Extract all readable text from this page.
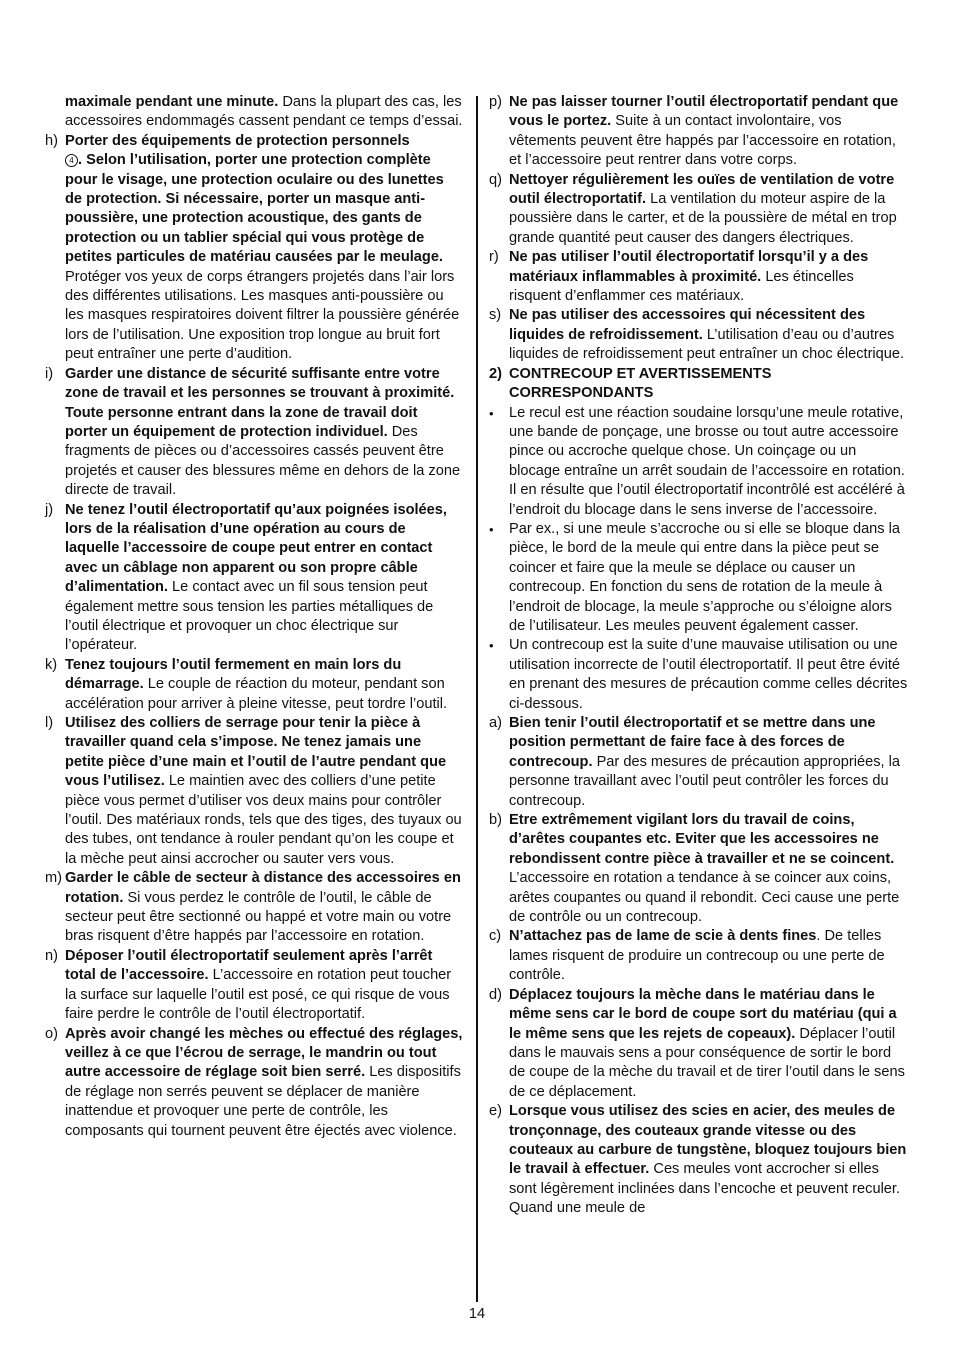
maximale pendant une minute. Dans la plupart des cas, les accessoires endommagés cassent pendant ce temps d’essai.
h) Porter des équipements de protection personnels
4 . Selon l’utilisation, porter une protection complète pour le visage, une protection oculaire ou des lunettes de protection. Si nécessaire, porter un masque anti-poussière, une protection acoustique, des gants de protection ou un tablier spécial qui vous protège de petites particules de matériau causées par le meulage. Protéger vos yeux de corps étrangers projetés dans l’air lors des différentes utilisations. Les masques anti-poussière ou les masques respiratoires doivent filtrer la poussière générée lors de l’utilisation. Une exposition trop longue au bruit fort peut entraîner une perte d’audition.
i) Garder une distance de sécurité suffisante entre votre zone de travail et les personnes se trouvant à proximité. Toute personne entrant dans la zone de travail doit porter un équipement de protection individuel. Des fragments de pièces ou d’accessoires cassés peuvent être projetés et causer des blessures même en dehors de la zone directe de travail.
j) Ne tenez l’outil électroportatif qu’aux poignées isolées, lors de la réalisation d’une opération au cours de laquelle l’accessoire de coupe peut entrer en contact avec un câblage non apparent ou son propre câble d’alimentation. Le contact avec un fil sous tension peut également mettre sous tension les parties métalliques de l’outil électrique et provoquer un choc électrique sur l’opérateur.
k) Tenez toujours l’outil fermement en main lors du démarrage. Le couple de réaction du moteur, pendant son accélération pour arriver à pleine vitesse, peut tordre l’outil.
l) Utilisez des colliers de serrage pour tenir la pièce à travailler quand cela s’impose. Ne tenez jamais une petite pièce d’une main et l’outil de l’autre pendant que vous l’utilisez. Le maintien avec des colliers d’une petite pièce vous permet d’utiliser vos deux mains pour contrôler l’outil. Des matériaux ronds, tels que des tiges, des tuyaux ou des tubes, ont tendance à rouler pendant qu’on les coupe et la mèche peut ainsi accrocher ou sauter vers vous.
m) Garder le câble de secteur à distance des accessoires en rotation. Si vous perdez le contrôle de l’outil, le câble de secteur peut être sectionné ou happé et votre main ou votre bras risquent d’être happés par l’accessoire en rotation.
n) Déposer l’outil électroportatif seulement après l’arrêt total de l’accessoire. L’accessoire en rotation peut toucher la surface sur laquelle l’outil est posé, ce qui risque de vous faire perdre le contrôle de l’outil électroportatif.
o) Après avoir changé les mèches ou effectué des réglages, veillez à ce que l’écrou de serrage, le mandrin ou tout autre accessoire de réglage soit bien serré. Les dispositifs de réglage non serrés peuvent se déplacer de manière inattendue et provoquer une perte de contrôle, les composants qui tournent peuvent être éjectés avec violence.
p) Ne pas laisser tourner l’outil électroportatif pendant que vous le portez. Suite à un contact involontaire, vos vêtements peuvent être happés par l’accessoire en rotation, et l’accessoire peut rentrer dans votre corps.
q) Nettoyer régulièrement les ouïes de ventilation de votre outil électroportatif. La ventilation du moteur aspire de la poussière dans le carter, et de la poussière de métal en trop grande quantité peut causer des dangers électriques.
r) Ne pas utiliser l’outil électroportatif lorsqu’il y a des matériaux inflammables à proximité. Les étincelles risquent d’enflammer ces matériaux.
s) Ne pas utiliser des accessoires qui nécessitent des liquides de refroidissement. L’utilisation d’eau ou d’autres liquides de refroidissement peut entraîner un choc électrique.
2) CONTRECOUP ET AVERTISSEMENTS CORRESPONDANTS
•	Le recul est une réaction soudaine lorsqu’une meule rotative, une bande de ponçage, une brosse ou tout autre accessoire pince ou accroche quelque chose. Un coinçage ou un blocage entraîne un arrêt soudain de l’accessoire en rotation. Il en résulte que l’outil électroportatif incontrôlé est accéléré à l’endroit du blocage dans le sens inverse de l’accessoire.
•	Par ex., si une meule s’accroche ou si elle se bloque dans la pièce, le bord de la meule qui entre dans la pièce peut se coincer et faire que la meule se déplace ou causer un contrecoup. En fonction du sens de rotation de la meule à l’endroit de blocage, la meule s’approche ou s’éloigne alors de l’utilisateur. Les meules peuvent également casser.
•	Un contrecoup est la suite d’une mauvaise utilisation ou une utilisation incorrecte de l’outil électroportatif. Il peut être évité en prenant des mesures de précaution comme celles décrites ci-dessous.
a) Bien tenir l’outil électroportatif et se mettre dans une position permettant de faire face à des forces de contrecoup. Par des mesures de précaution appropriées, la personne travaillant avec l’outil peut contrôler les forces du contrecoup.
b) Etre extrêmement vigilant lors du travail de coins, d’arêtes coupantes etc. Eviter que les accessoires ne rebondissent contre pièce à travailler et ne se coincent. L’accessoire en rotation a tendance à se coincer aux coins, arêtes coupantes ou quand il rebondit. Ceci cause une perte de contrôle ou un contrecoup.
c) N’attachez pas de lame de scie à dents fines. De telles lames risquent de produire un contrecoup ou une perte de contrôle.
d) Déplacez toujours la mèche dans le matériau dans le même sens car le bord de coupe sort du matériau (qui a le même sens que les rejets de copeaux). Déplacer l’outil dans le mauvais sens a pour conséquence de sortir le bord de coupe de la mèche du travail et de tirer l’outil dans le sens de ce déplacement.
e) Lorsque vous utilisez des scies en acier, des meules de tronçonnage, des couteaux grande vitesse ou des couteaux au carbure de tungstène, bloquez toujours bien le travail à effectuer. Ces meules vont accrocher si elles sont légèrement inclinées dans l’encoche et peuvent reculer. Quand une meule de
14
